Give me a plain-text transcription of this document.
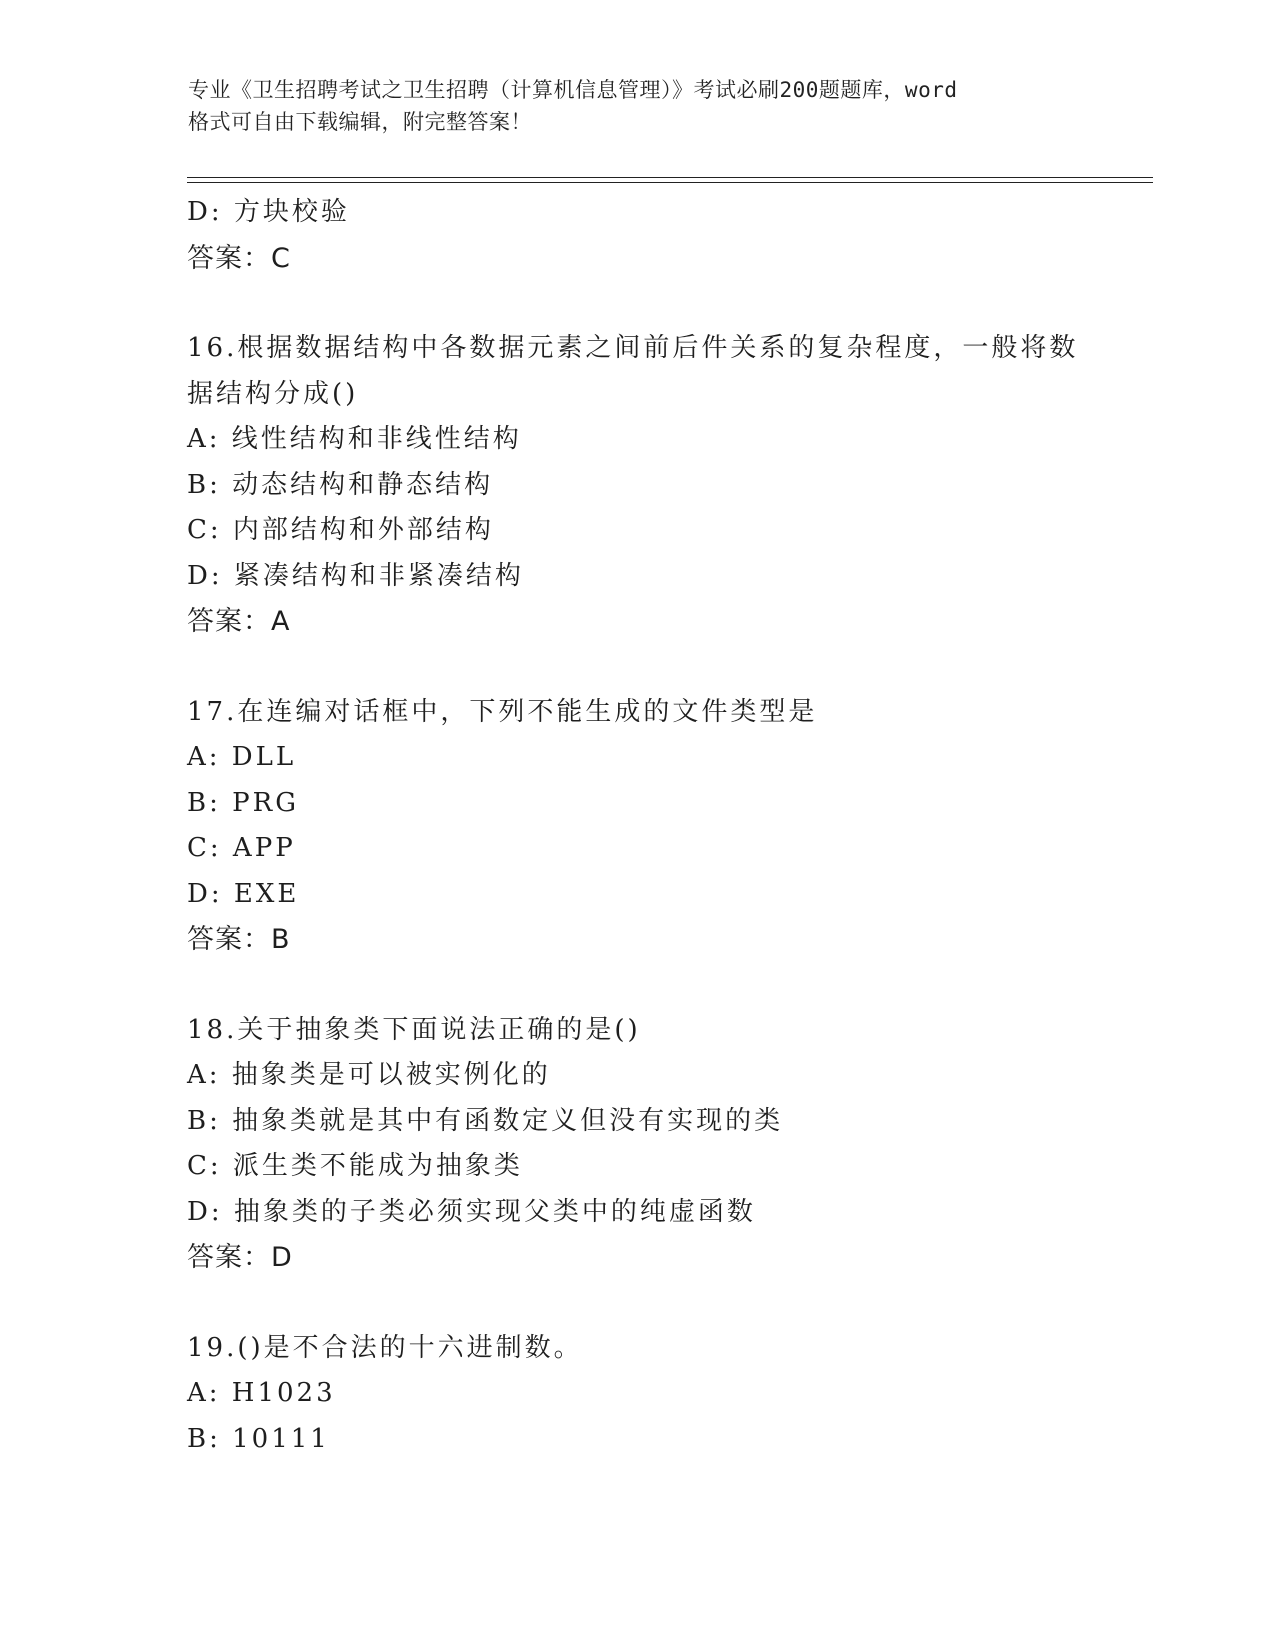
专业《卫生招聘考试之卫生招聘（计算机信息管理）》考试必刷200题题库，word
格式可自由下载编辑，附完整答案！
D: 方块校验
答案：C
16.根据数据结构中各数据元素之间前后件关系的复杂程度，一般将数
据结构分成()
A: 线性结构和非线性结构
B: 动态结构和静态结构
C: 内部结构和外部结构
D: 紧凑结构和非紧凑结构
答案：A
17.在连编对话框中，下列不能生成的文件类型是
A: DLL
B: PRG
C: APP
D: EXE
答案：B
18.关于抽象类下面说法正确的是()
A: 抽象类是可以被实例化的
B: 抽象类就是其中有函数定义但没有实现的类
C: 派生类不能成为抽象类
D: 抽象类的子类必须实现父类中的纯虚函数
答案：D
19.()是不合法的十六进制数。
A: H1023
B: 10111
